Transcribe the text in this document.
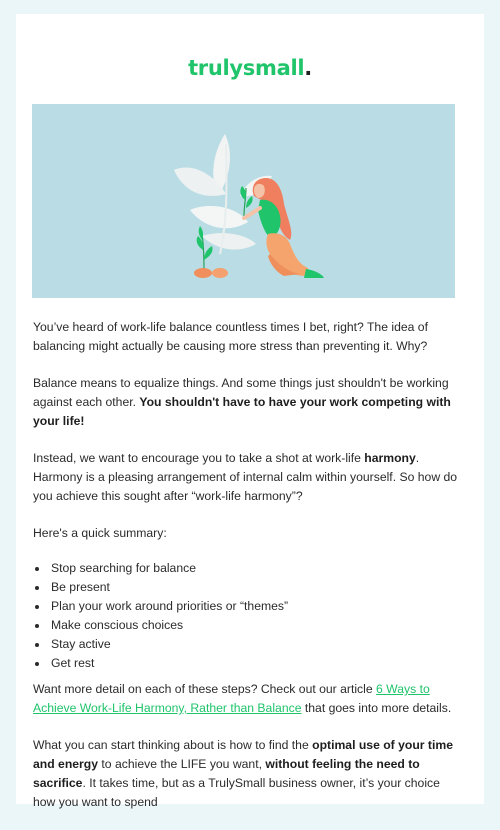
trulysmall.

You’ve heard of work-life balance countless times I bet, right? The idea of balancing might actually be causing more stress than preventing it. Why?

Balance means to equalize things. And some things just shouldn't be working against each other. You shouldn't have to have your work competing with your life!

Instead, we want to encourage you to take a shot at work-life harmony. Harmony is a pleasing arrangement of internal calm within yourself. So how do you achieve this sought after “work-life harmony”?

Here's a quick summary:

• Stop searching for balance
• Be present
• Plan your work around priorities or “themes”
• Make conscious choices
• Stay active
• Get rest

Want more detail on each of these steps? Check out our article 6 Ways to Achieve Work-Life Harmony, Rather than Balance that goes into more details.

What you can start thinking about is how to find the optimal use of your time and energy to achieve the LIFE you want, without feeling the need to sacrifice. It takes time, but as a TrulySmall business owner, it’s your choice how you want to spend
